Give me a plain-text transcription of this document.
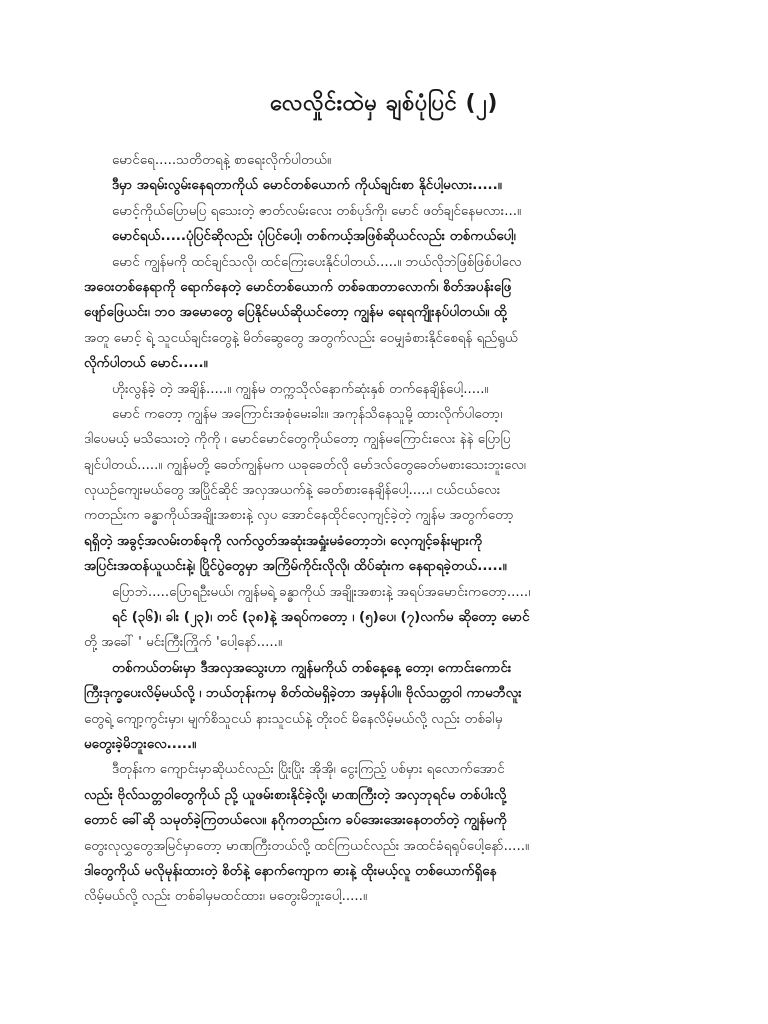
လေလှိုင်းထဲမှ ချစ်ပုံပြင် (၂)
မောင်ရေ.....သတိတရနဲ့ စာရေးလိုက်ပါတယ်။
ဒီမှာ အရမ်းလွမ်းနေရတာကိုယ် မောင်တစ်ယောက် ကိုယ်ချင်းစာ နိုင်ပါ့မလား.....။
မောင့်ကိုယ်ပြောမပြ ရသေးတဲ့ ဇာတ်လမ်းလေး တစ်ပုဒ်ကို၊ မောင် ဖတ်ချင်နေမလား...။
မောင်ရယ်.....ပုံပြင်ဆိုလည်း ပုံပြင်ပေါ့၊ တစ်ကယ့်အဖြစ်ဆိုယင်လည်း တစ်ကယ်ပေါ့၊
မောင် ကျွန်မကို ထင်ချင်သလို၊ ထင်ကြေးပေးနိုင်ပါတယ်.....။ ဘယ်လိုဘဲဖြစ်ဖြစ်ပါလေ
အဝေးတစ်နေရာကို ရောက်နေတဲ့ မောင်တစ်ယောက် တစ်ခဏတာလောက်၊ စိတ်အပန်းဖြေ
ဖျော်ဖြေယင်း၊ ဘဝ အမောတွေ ပြေနိုင်မယ်ဆိုယင်တော့ ကျွန်မ ရေးရကျိုးနပ်ပါတယ်။ ထို့
အတူ မောင့် ရဲ့ သူငယ်ချင်းတွေနဲ့ မိတ်ဆွေတွေ အတွက်လည်း ဝေမျှခံစားနိုင်စေရန် ရည်ရွယ်
လိုက်ပါတယ် မောင်.....။
ဟိုးလွန်ခဲ့ တဲ့ အချိန်.....။ ကျွန်မ တက္ကသိုလ်နောက်ဆုံးနှစ် တက်နေချိန်ပေါ့.....။
မောင် ကတော့ ကျွန်မ အကြောင်းအစုံမေးခါး။ အကုန်သိနေသူမို့ ထားလိုက်ပါတော့၊
ဒါပေမယ့် မသိသေးတဲ့ ကိုကို ၊ မောင်မောင်တွေကိုယ်တော့ ကျွန်မကြောင်းလေး နဲနဲ ပြောပြ
ချင်ပါတယ်.....။ ကျွန်မတို့ ခေတ်ကျွန်မက ယခုခေတ်လို မော်ဒလ်တွေခေတ်မစားသေးဘူးလေ၊
လုယဉ်ကျေးမယ်တွေ အပြိုင်ဆိုင် အလှအယက်နဲ့ ခေတ်စားနေချိန်ပေါ့.....၊ ငယ်ငယ်လေး
ကတည်းက ခန္ဓာကိုယ်အချိုးအစားနဲ့ လှပ အောင်နေထိုင်လေ့ကျင့်ခဲ့တဲ့ ကျွန်မ အတွက်တော့
ရရှိတဲ့ အခွင့်အလမ်းတစ်ခုကို လက်လွတ်အဆုံးအရှုံးမခံတော့ဘဲ၊ လေ့ကျင့်ခန်းများကို
အပြင်းအထန်ယူယင်းနဲ့၊ ပြိုင်ပွဲတွေမှာ အကြိမ်ကိုင်းလိုလို၊ ထိပ်ဆုံးက နေရာရခဲ့တယ်.....။
ပြောဘဲ.....ပြောရဦးမယ်၊ ကျွန်မရဲ့ ခန္ဓာကိုယ် အချိုးအစားနဲ့ အရပ်အမောင်းကတော့.....၊
ရင် (၃၆)၊ ခါး (၂၃)၊ တင် (၃၈)နဲ့ အရပ်ကတော့ ၊ (၅)ပေ၊ (၇)လက်မ ဆိုတော့ မောင်
တို့ အခေါ် ' မင်းကြီးကြိုက် 'ပေါ့နော်.....။
တစ်ကယ်တမ်းမှာ ဒီအလှအသွေးဟာ ကျွန်မကိုယ် တစ်နေ့နေ့ တော့၊ ကောင်းကောင်း
ကြီးဒုက္ခပေးလိမ့်မယ်လို့ ၊ ဘယ်တုန်းကမှ စိတ်ထဲမရှိခဲ့တာ အမှန်ပါ။ ဗိုလ်သတ္တဝါ ကာမဘီလူး
တွေရဲ့ ကျော့ကွင်းမှာ၊ မျက်စိသူငယ် နားသူငယ်နဲ့ တိုးဝင် မိနေလိမ့်မယ်လို့ လည်း တစ်ခါမှ
မတွေးခဲ့မိဘူးလေ.....။
ဒီတုန်းက ကျောင်းမှာဆိုယင်လည်း ပြိုးပြိုး အိုအို၊ ငွေးကြည့် ပစ်မှား ရလောက်အောင်
လည်း ဗိုလ်သတ္တဝါတွေကိုယ် ညို့ ယူဖမ်းစားနိုင်ခဲ့လို့၊ မာဏကြီးတဲ့ အလှဘုရင်မ တစ်ပါးလို့
တောင် ခေါ်ဆို သမုတ်ခဲ့ကြတယ်လေ။ နဂိုကတည်းက ခပ်အေးအေးနေတတ်တဲ့ ကျွန်မကို
တွေးလုလွှတွေအမြင်မှာတော့ မာဏကြီးတယ်လို့ ထင်ကြယင်လည်း အထင်ခံရရုပ်ပေါ့နော်.....။
ဒါတွေကိုယ် မလိုမုန်းထားတဲ့ စိတ်နဲ့ နောက်ကျောက ဓားနဲ့ ထိုးမယ့်လူ တစ်ယောက်ရှိနေ
လိမ့်မယ်လို့ လည်း တစ်ခါမှမထင်ထား၊ မတွေးမိဘူးပေါ့.....။
